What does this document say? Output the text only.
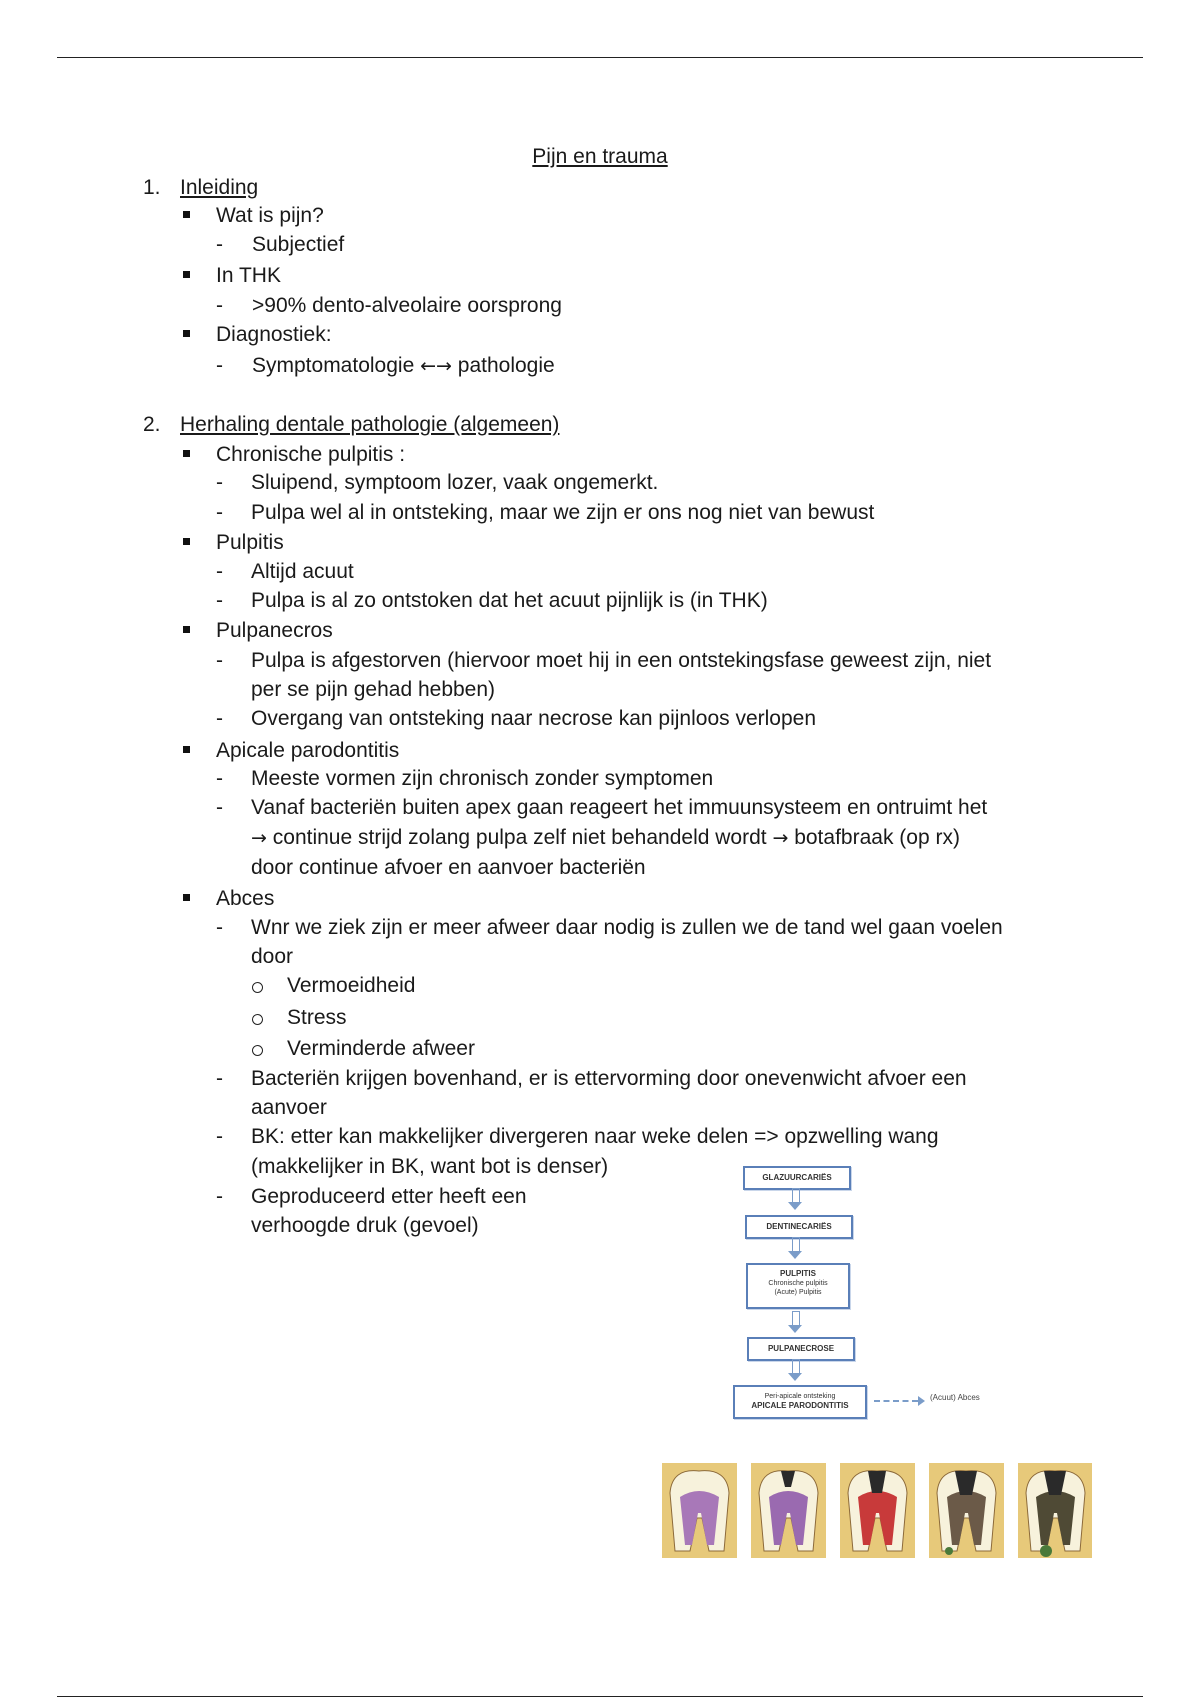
Pijn en trauma
1. Inleiding
Wat is pijn?
- Subjectief
In THK
- >90% dento-alveolaire oorsprong
Diagnostiek:
- Symptomatologie ←→ pathologie
2. Herhaling dentale pathologie (algemeen)
Chronische pulpitis :
- Sluipend, symptoom lozer, vaak ongemerkt.
- Pulpa wel al in ontsteking, maar we zijn er ons nog niet van bewust
Pulpitis
- Altijd acuut
- Pulpa is al zo ontstoken dat het acuut pijnlijk is (in THK)
Pulpanecros
- Pulpa is afgestorven (hiervoor moet hij in een ontstekingsfase geweest zijn, niet
per se pijn gehad hebben)
- Overgang van ontsteking naar necrose kan pijnloos verlopen
Apicale parodontitis
- Meeste vormen zijn chronisch zonder symptomen
- Vanaf bacteriën buiten apex gaan reageert het immuunsysteem en ontruimt het
→ continue strijd zolang pulpa zelf niet behandeld wordt → botafbraak (op rx)
door continue afvoer en aanvoer bacteriën
Abces
- Wnr we ziek zijn er meer afweer daar nodig is zullen we de tand wel gaan voelen
door
Vermoeidheid
Stress
Verminderde afweer
- Bacteriën krijgen bovenhand, er is ettervorming door onevenwicht afvoer een
aanvoer
- BK: etter kan makkelijker divergeren naar weke delen => opzwelling wang
(makkelijker in BK, want bot is denser)
- Geproduceerd etter heeft een
verhoogde druk (gevoel)
GLAZUURCARIËS
DENTINECARIËS
PULPITIS
Chronische pulpitis
(Acute) Pulpitis
PULPANECROSE
Peri-apicale ontsteking
APICALE PARODONTITIS
(Acuut) Abces
